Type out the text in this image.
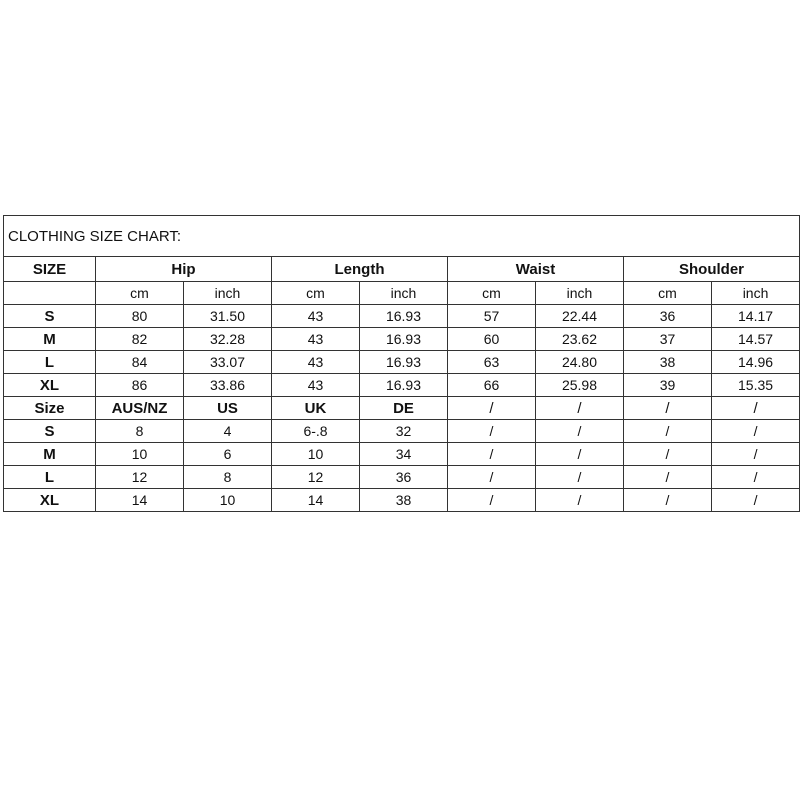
CLOTHING SIZE CHART:								
SIZE	Hip		Length		Waist		Shoulder	
	cm	inch	cm	inch	cm	inch	cm	inch
S	80	31.50	43	16.93	57	22.44	36	14.17
M	82	32.28	43	16.93	60	23.62	37	14.57
L	84	33.07	43	16.93	63	24.80	38	14.96
XL	86	33.86	43	16.93	66	25.98	39	15.35
Size	AUS/NZ	US	UK	DE	/	/	/	/
S	8	4	6-.8	32	/	/	/	/
M	10	6	10	34	/	/	/	/
L	12	8	12	36	/	/	/	/
XL	14	10	14	38	/	/	/	/
